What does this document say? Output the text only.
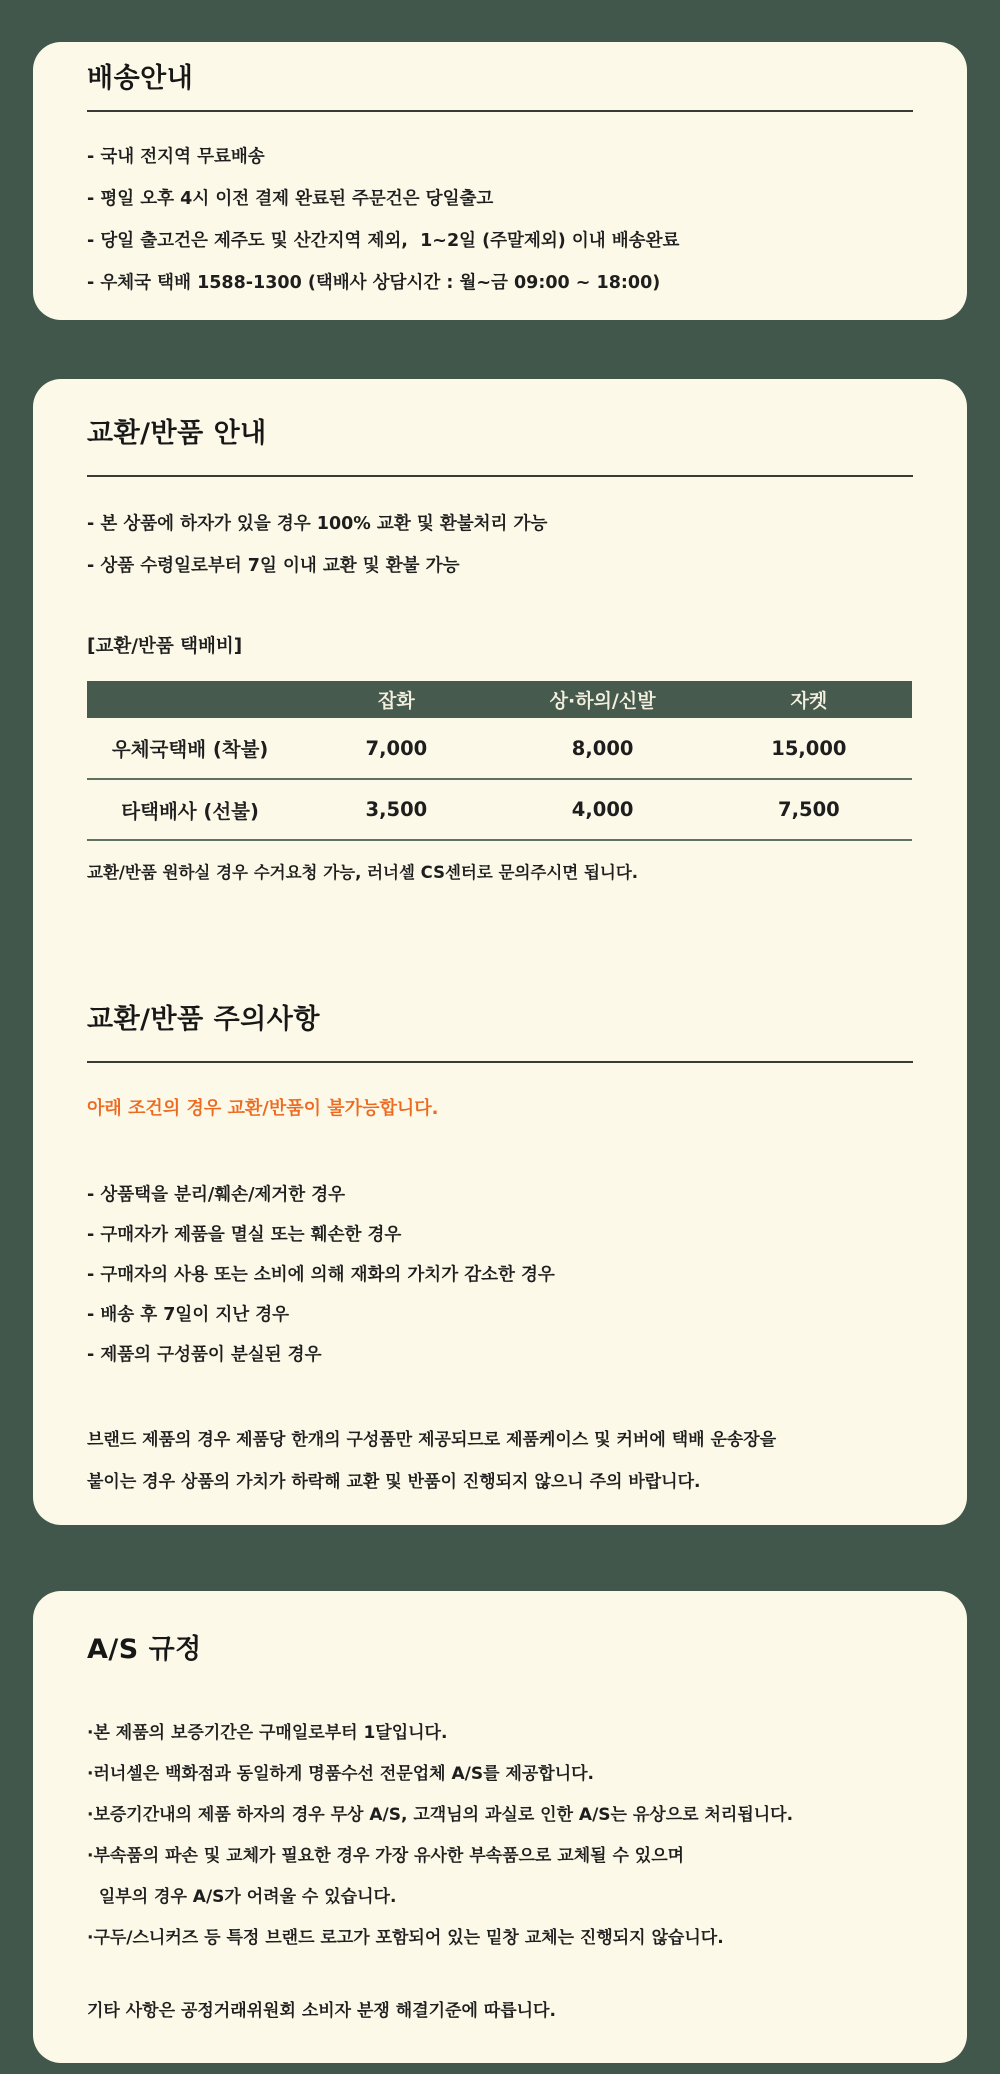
배송안내
- 국내 전지역 무료배송
- 평일 오후 4시 이전 결제 완료된 주문건은 당일출고
- 당일 출고건은 제주도 및 산간지역 제외,  1~2일 (주말제외) 이내 배송완료
- 우체국 택배 1588-1300 (택배사 상담시간 : 월~금 09:00 ~ 18:00)
교환/반품 안내
- 본 상품에 하자가 있을 경우 100% 교환 및 환불처리 가능
- 상품 수령일로부터 7일 이내 교환 및 환불 가능
[교환/반품 택배비]
	잡화	상·하의/신발	자켓
우체국택배 (착불)	7,000	8,000	15,000
타택배사 (선불)	3,500	4,000	7,500
교환/반품 원하실 경우 수거요청 가능, 러너셀 CS센터로 문의주시면 됩니다.
교환/반품 주의사항
아래 조건의 경우 교환/반품이 불가능합니다.
- 상품택을 분리/훼손/제거한 경우
- 구매자가 제품을 멸실 또는 훼손한 경우
- 구매자의 사용 또는 소비에 의해 재화의 가치가 감소한 경우
- 배송 후 7일이 지난 경우
- 제품의 구성품이 분실된 경우

브랜드 제품의 경우 제품당 한개의 구성품만 제공되므로 제품케이스 및 커버에 택배 운송장을

붙이는 경우 상품의 가치가 하락해 교환 및 반품이 진행되지 않으니 주의 바랍니다.

A/S 규정
·본 제품의 보증기간은 구매일로부터 1달입니다.
·러너셀은 백화점과 동일하게 명품수선 전문업체 A/S를 제공합니다.
·보증기간내의 제품 하자의 경우 무상 A/S, 고객님의 과실로 인한 A/S는 유상으로 처리됩니다.
·부속품의 파손 및 교체가 필요한 경우 가장 유사한 부속품으로 교체될 수 있으며
일부의 경우 A/S가 어려울 수 있습니다.
·구두/스니커즈 등 특정 브랜드 로고가 포함되어 있는 밑창 교체는 진행되지 않습니다.
기타 사항은 공정거래위원회 소비자 분쟁 해결기준에 따릅니다.
